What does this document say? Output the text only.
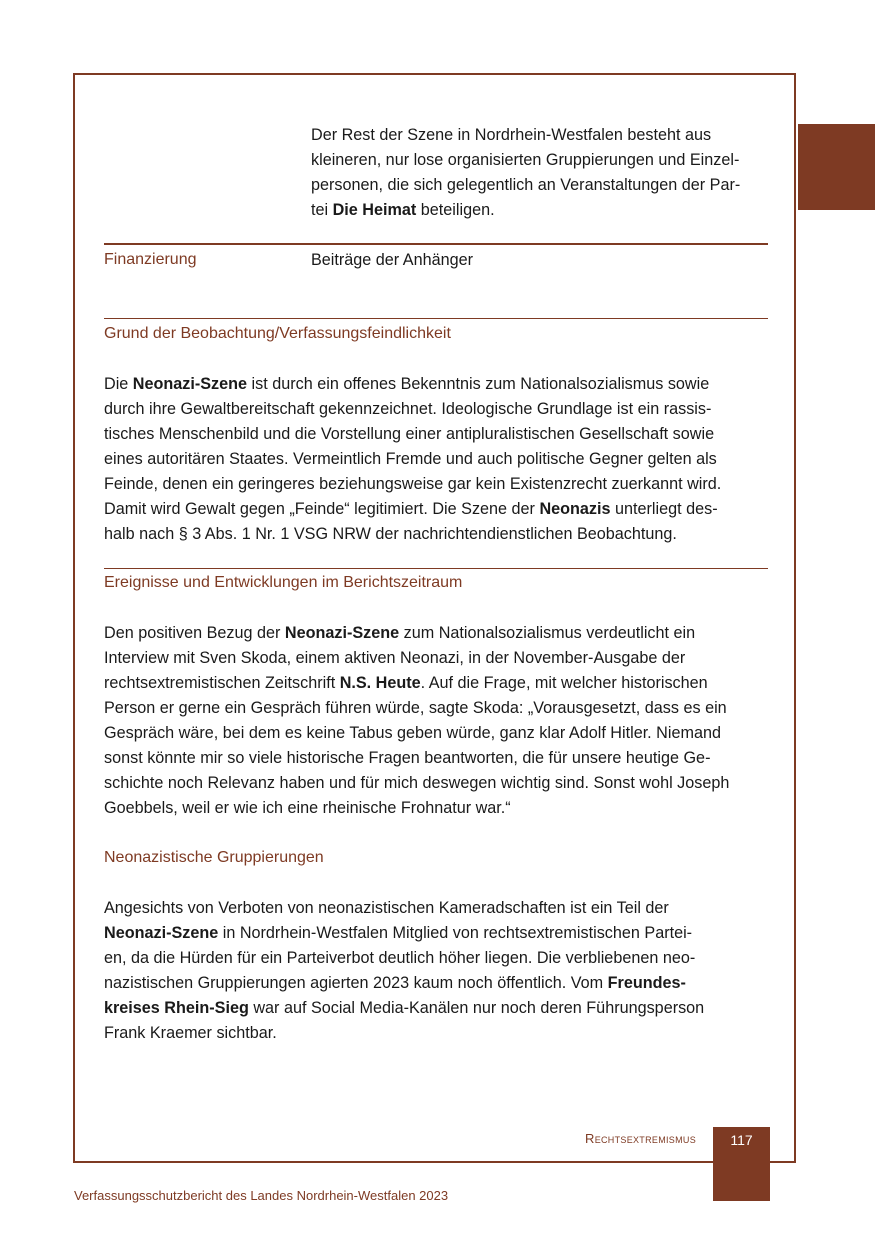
Der Rest der Szene in Nordrhein-Westfalen besteht aus
kleineren, nur lose organisierten Gruppierungen und Einzel-
personen, die sich gelegentlich an Veranstaltungen der Par-
tei Die Heimat beteiligen.
Finanzierung	Beiträge der Anhänger
Grund der Beobachtung/Verfassungsfeindlichkeit
Die Neonazi-Szene ist durch ein offenes Bekenntnis zum Nationalsozialismus sowie
durch ihre Gewaltbereitschaft gekennzeichnet. Ideologische Grundlage ist ein rassis-
tisches Menschenbild und die Vorstellung einer antipluralistischen Gesellschaft sowie
eines autoritären Staates. Vermeintlich Fremde und auch politische Gegner gelten als
Feinde, denen ein geringeres beziehungsweise gar kein Existenzrecht zuerkannt wird.
Damit wird Gewalt gegen „Feinde“ legitimiert. Die Szene der Neonazis unterliegt des-
halb nach § 3 Abs. 1 Nr. 1 VSG NRW der nachrichtendienstlichen Beobachtung.
Ereignisse und Entwicklungen im Berichtszeitraum
Den positiven Bezug der Neonazi-Szene zum Nationalsozialismus verdeutlicht ein
Interview mit Sven Skoda, einem aktiven Neonazi, in der November-Ausgabe der
rechtsextremistischen Zeitschrift N.S. Heute. Auf die Frage, mit welcher historischen
Person er gerne ein Gespräch führen würde, sagte Skoda: „Vorausgesetzt, dass es ein
Gespräch wäre, bei dem es keine Tabus geben würde, ganz klar Adolf Hitler. Niemand
sonst könnte mir so viele historische Fragen beantworten, die für unsere heutige Ge-
schichte noch Relevanz haben und für mich deswegen wichtig sind. Sonst wohl Joseph
Goebbels, weil er wie ich eine rheinische Frohnatur war.“
Neonazistische Gruppierungen
Angesichts von Verboten von neonazistischen Kameradschaften ist ein Teil der
Neonazi-Szene in Nordrhein-Westfalen Mitglied von rechtsextremistischen Partei-
en, da die Hürden für ein Parteiverbot deutlich höher liegen. Die verbliebenen neo-
nazistischen Gruppierungen agierten 2023 kaum noch öffentlich. Vom Freundes-
kreises Rhein-Sieg war auf Social Media-Kanälen nur noch deren Führungsperson
Frank Kraemer sichtbar.
Rechtsextremismus	117
Verfassungsschutzbericht des Landes Nordrhein-Westfalen 2023
